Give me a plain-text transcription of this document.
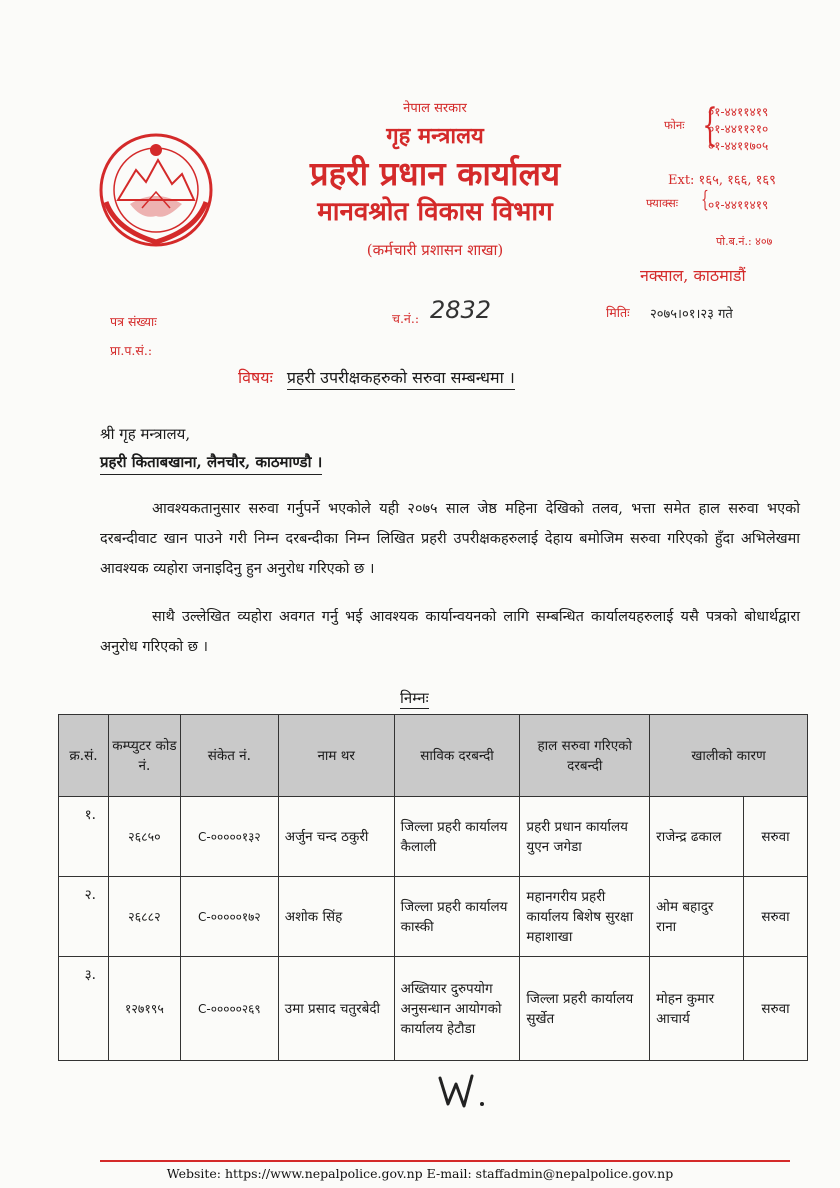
नेपाल सरकार
गृह मन्त्रालय
प्रहरी प्रधान कार्यालय
मानवश्रोत विकास विभाग
(कर्मचारी प्रशासन शाखा)
फोनः {
०१-४४११४१९
०१-४४११२१०
०१-४४११७०५
Ext: १६५, १६६, १६९
फ्याक्सः { ०१-४४११४१९
पो.ब.नं.: ४०७
नक्साल, काठमाडौं
पत्र संख्याः	च.नं.: 2832	मितिः २०७५।०१।२३ गते
प्रा.प.सं.:
विषयः प्रहरी उपरीक्षकहरुको सरुवा सम्बन्धमा ।
श्री गृह मन्त्रालय,
प्रहरी किताबखाना, लैनचौर, काठमाण्डौ ।
आवश्यकतानुसार सरुवा गर्नुपर्ने भएकोले यही २०७५ साल जेष्ठ महिना देखिको तलव, भत्ता समेत हाल सरुवा भएको दरबन्दीवाट खान पाउने गरी निम्न दरबन्दीका निम्न लिखित प्रहरी उपरीक्षकहरुलाई देहाय बमोजिम सरुवा गरिएको हुँदा अभिलेखमा आवश्यक व्यहोरा जनाइदिनु हुन अनुरोध गरिएको छ ।
साथै उल्लेखित व्यहोरा अवगत गर्नु भई आवश्यक कार्यान्वयनको लागि सम्बन्धित कार्यालयहरुलाई यसै पत्रको बोधार्थद्वारा अनुरोध गरिएको छ ।
निम्नः
क्र.सं.	कम्प्युटर कोड नं.	संकेत नं.	नाम थर	साविक दरबन्दी	हाल सरुवा गरिएको दरबन्दी	खालीको कारण	
१.	२६८५०	C-०००००१३२	अर्जुन चन्द ठकुरी	जिल्ला प्रहरी कार्यालय कैलाली	प्रहरी प्रधान कार्यालय युएन जगेडा	राजेन्द्र ढकाल	सरुवा
२.	२६८८२	C-०००००१७२	अशोक सिंह	जिल्ला प्रहरी कार्यालय कास्की	महानगरीय प्रहरी कार्यालय बिशेष सुरक्षा महाशाखा	ओम बहादुर राना	सरुवा
३.	१२७१९५	C-०००००२६९	उमा प्रसाद चतुरबेदी	अख्तियार दुरुपयोग अनुसन्धान आयोगको कार्यालय हेटौडा	जिल्ला प्रहरी कार्यालय सुर्खेत	मोहन कुमार आचार्य	सरुवा
Website: https://www.nepalpolice.gov.np E-mail: staffadmin@nepalpolice.gov.np
